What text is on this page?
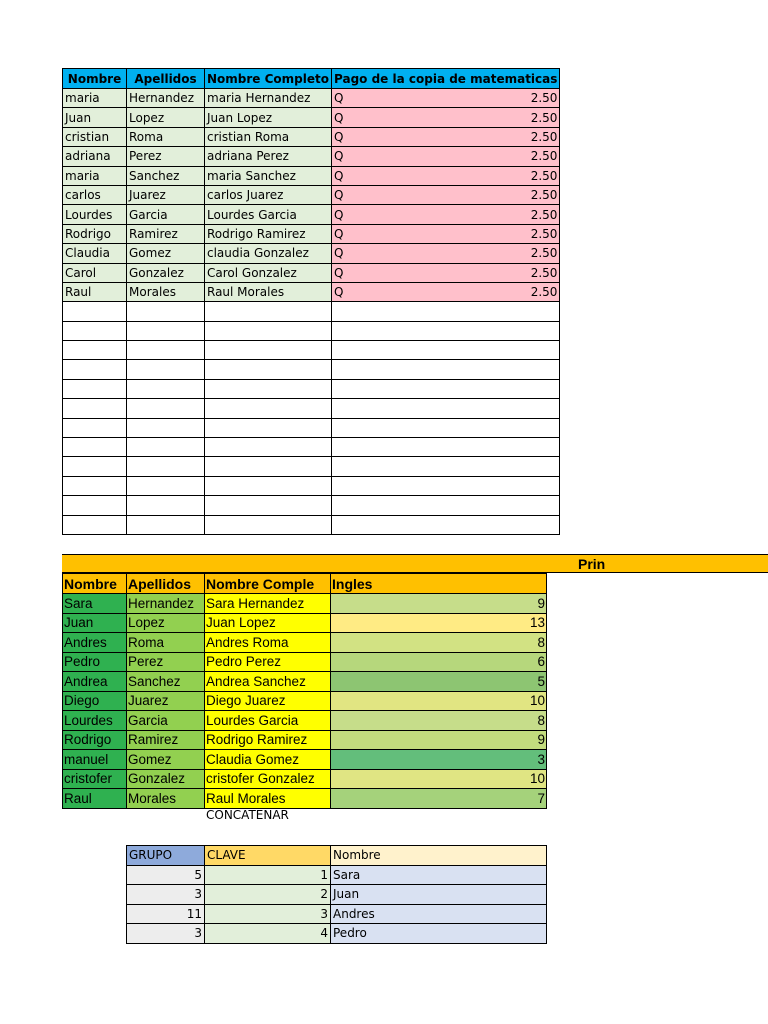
Nombre	Apellidos	Nombre Completo	Pago de la copia de matematicas
maria	Hernandez	maria Hernandez	Q 2.50

Juan	Lopez	Juan Lopez	Q 2.50

cristian	Roma	cristian Roma	Q 2.50

adriana	Perez	adriana Perez	Q 2.50

maria	Sanchez	maria Sanchez	Q 2.50

carlos	Juarez	carlos Juarez	Q 2.50

Lourdes	Garcia	Lourdes Garcia	Q 2.50

Rodrigo	Ramirez	Rodrigo Ramirez	Q 2.50

Claudia	Gomez	claudia Gonzalez	Q 2.50

Carol	Gonzalez	Carol Gonzalez	Q 2.50

Raul	Morales	Raul Morales	Q 2.50

Prin
Nombre	Apellidos	Nombre Comple	Ingles
Sara	Hernandez	Sara Hernandez	9
Juan	Lopez	Juan Lopez	13
Andres	Roma	Andres Roma	8
Pedro	Perez	Pedro Perez	6
Andrea	Sanchez	Andrea Sanchez	5
Diego	Juarez	Diego Juarez	10
Lourdes	Garcia	Lourdes Garcia	8
Rodrigo	Ramirez	Rodrigo Ramirez	9
manuel	Gomez	Claudia Gomez	3
cristofer	Gonzalez	cristofer Gonzalez	10
Raul	Morales	Raul Morales	7
CONCATENAR
GRUPO	CLAVE	Nombre
5	1	Sara
3	2	Juan
11	3	Andres
3	4	Pedro
